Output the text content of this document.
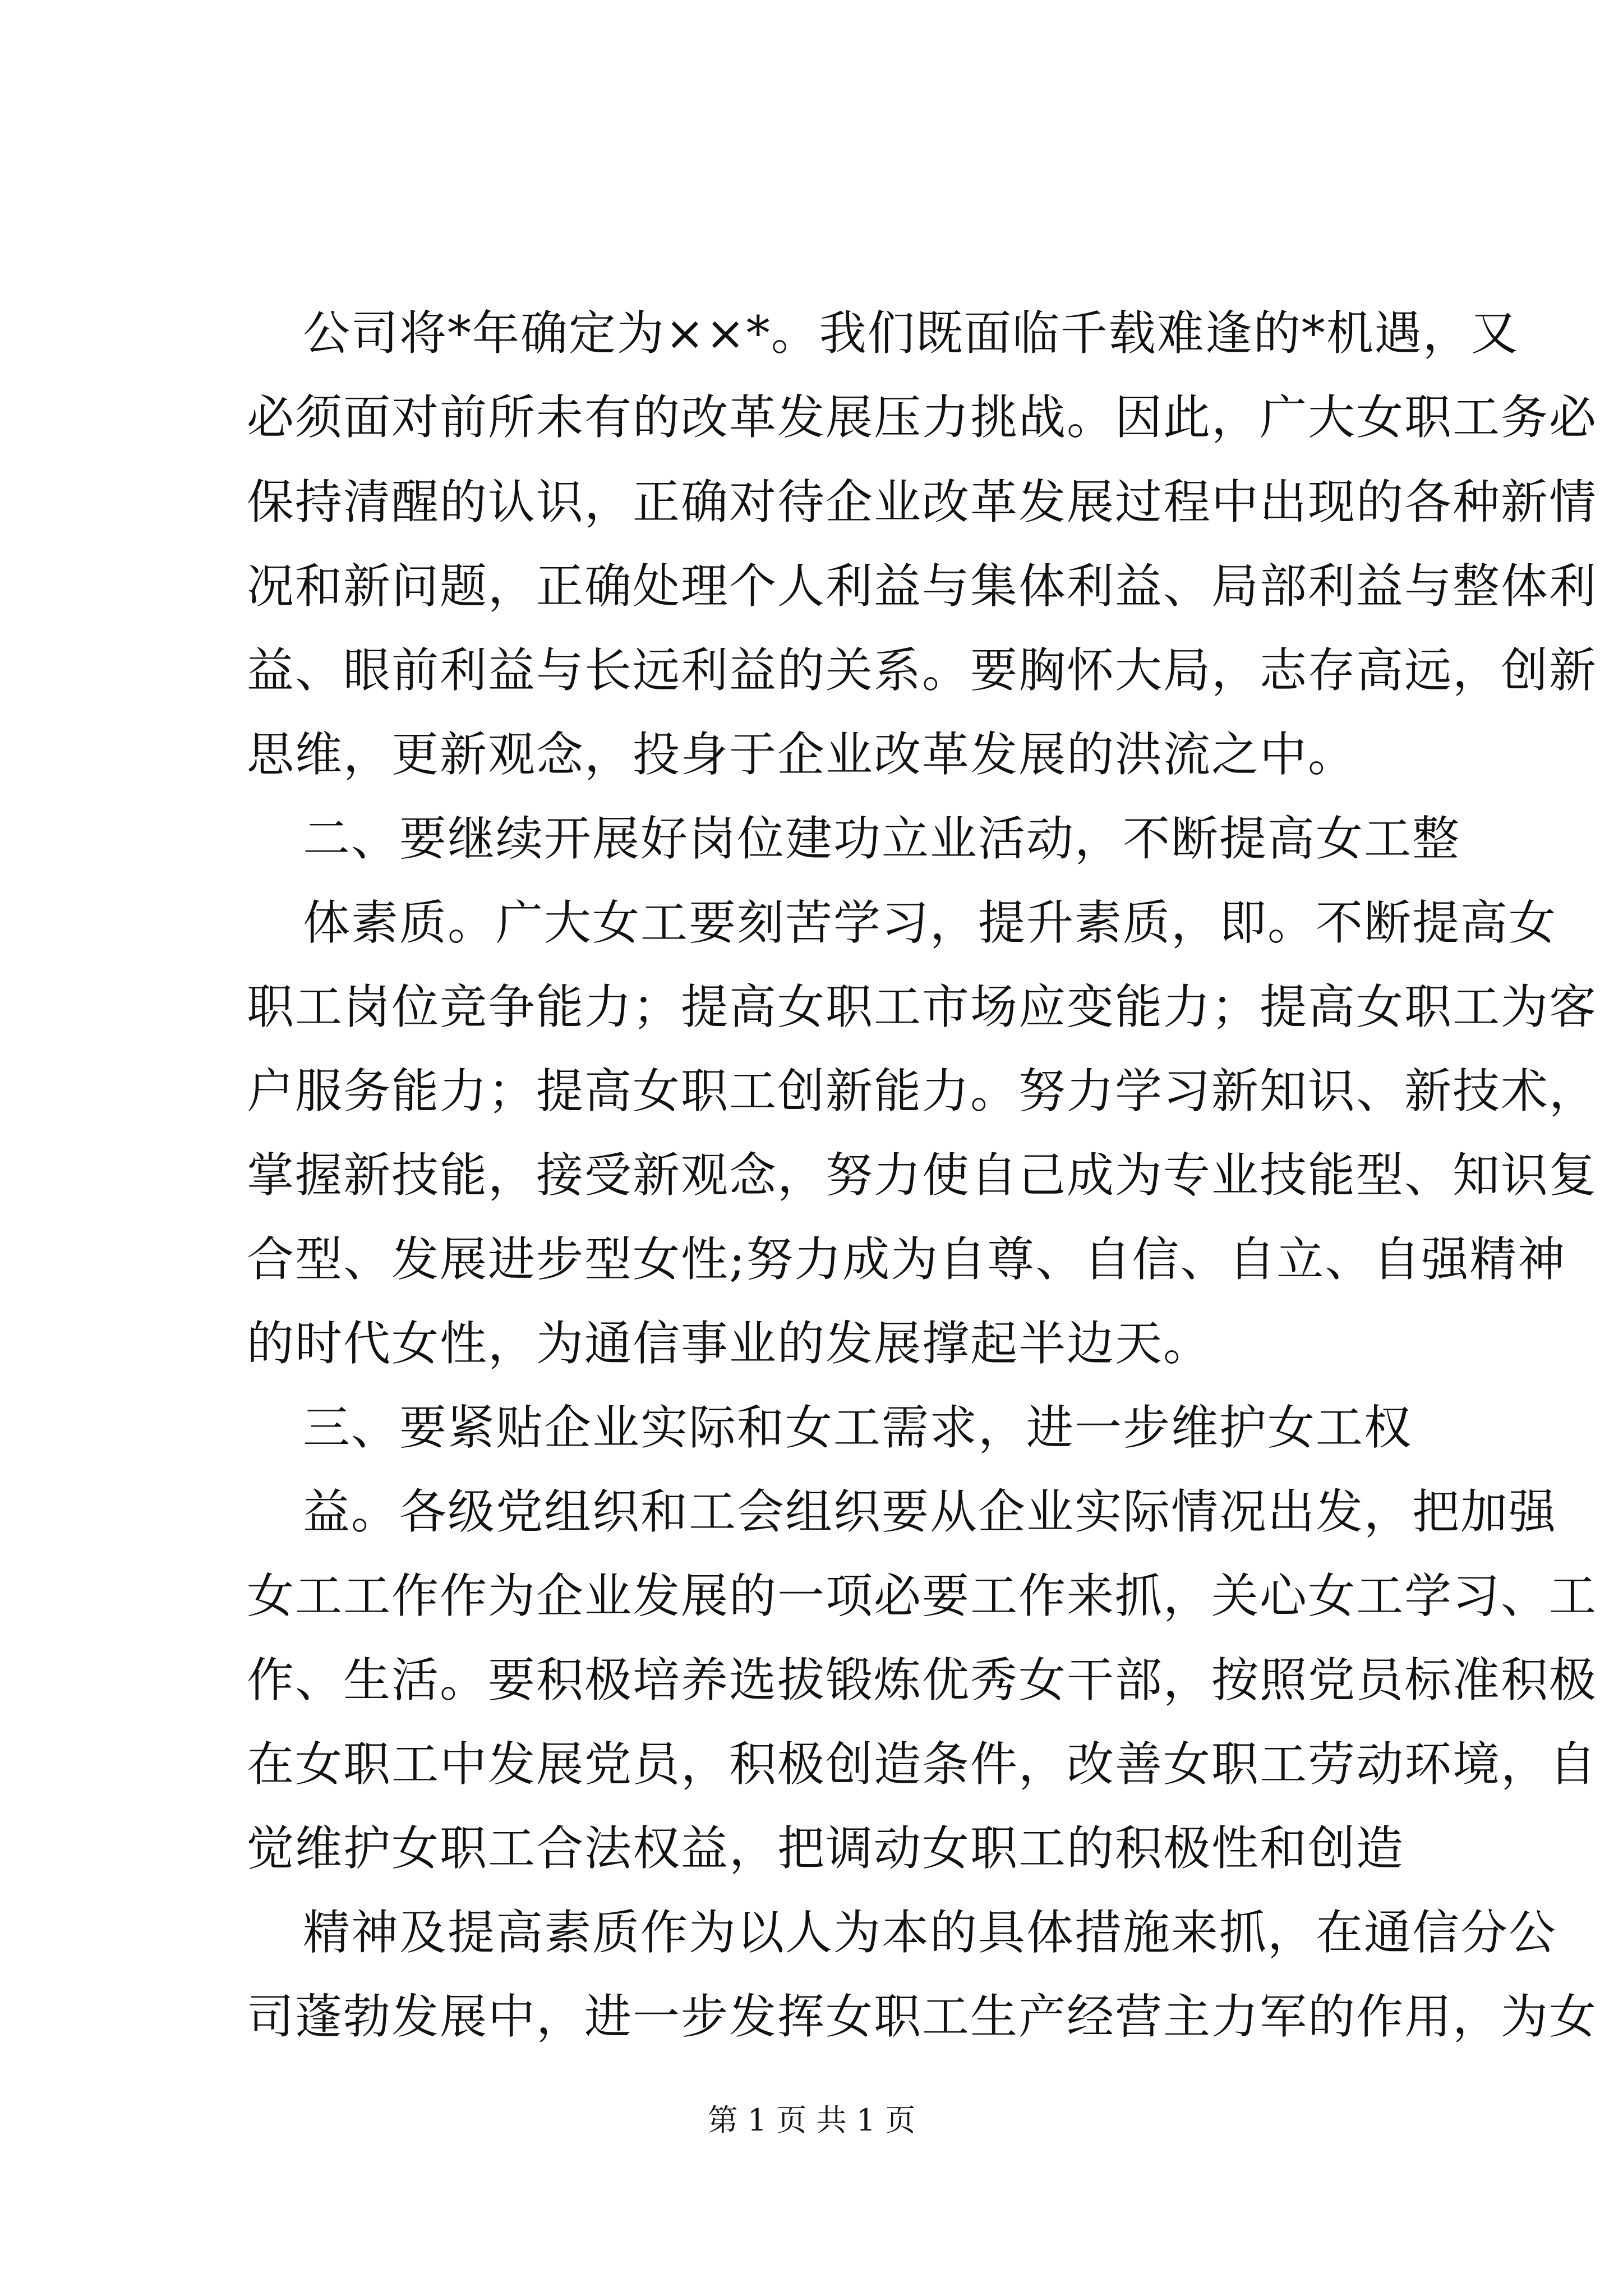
公司将*年确定为××*。我们既面临千载难逢的*机遇，又
必须面对前所未有的改革发展压力挑战。因此，广大女职工务必
保持清醒的认识，正确对待企业改革发展过程中出现的各种新情
况和新问题，正确处理个人利益与集体利益、局部利益与整体利
益、眼前利益与长远利益的关系。要胸怀大局，志存高远，创新
思维，更新观念，投身于企业改革发展的洪流之中。
二、要继续开展好岗位建功立业活动，不断提高女工整
体素质。广大女工要刻苦学习，提升素质，即。不断提高女
职工岗位竞争能力；提高女职工市场应变能力；提高女职工为客
户服务能力；提高女职工创新能力。努力学习新知识、新技术，
掌握新技能，接受新观念，努力使自己成为专业技能型、知识复
合型、发展进步型女性;努力成为自尊、自信、自立、自强精神
的时代女性，为通信事业的发展撑起半边天。
三、要紧贴企业实际和女工需求，进一步维护女工权
益。各级党组织和工会组织要从企业实际情况出发，把加强
女工工作作为企业发展的一项必要工作来抓，关心女工学习、工
作、生活。要积极培养选拔锻炼优秀女干部，按照党员标准积极
在女职工中发展党员，积极创造条件，改善女职工劳动环境，自
觉维护女职工合法权益，把调动女职工的积极性和创造
精神及提高素质作为以人为本的具体措施来抓，在通信分公
司蓬勃发展中，进一步发挥女职工生产经营主力军的作用，为女
第 1 页 共 1 页
